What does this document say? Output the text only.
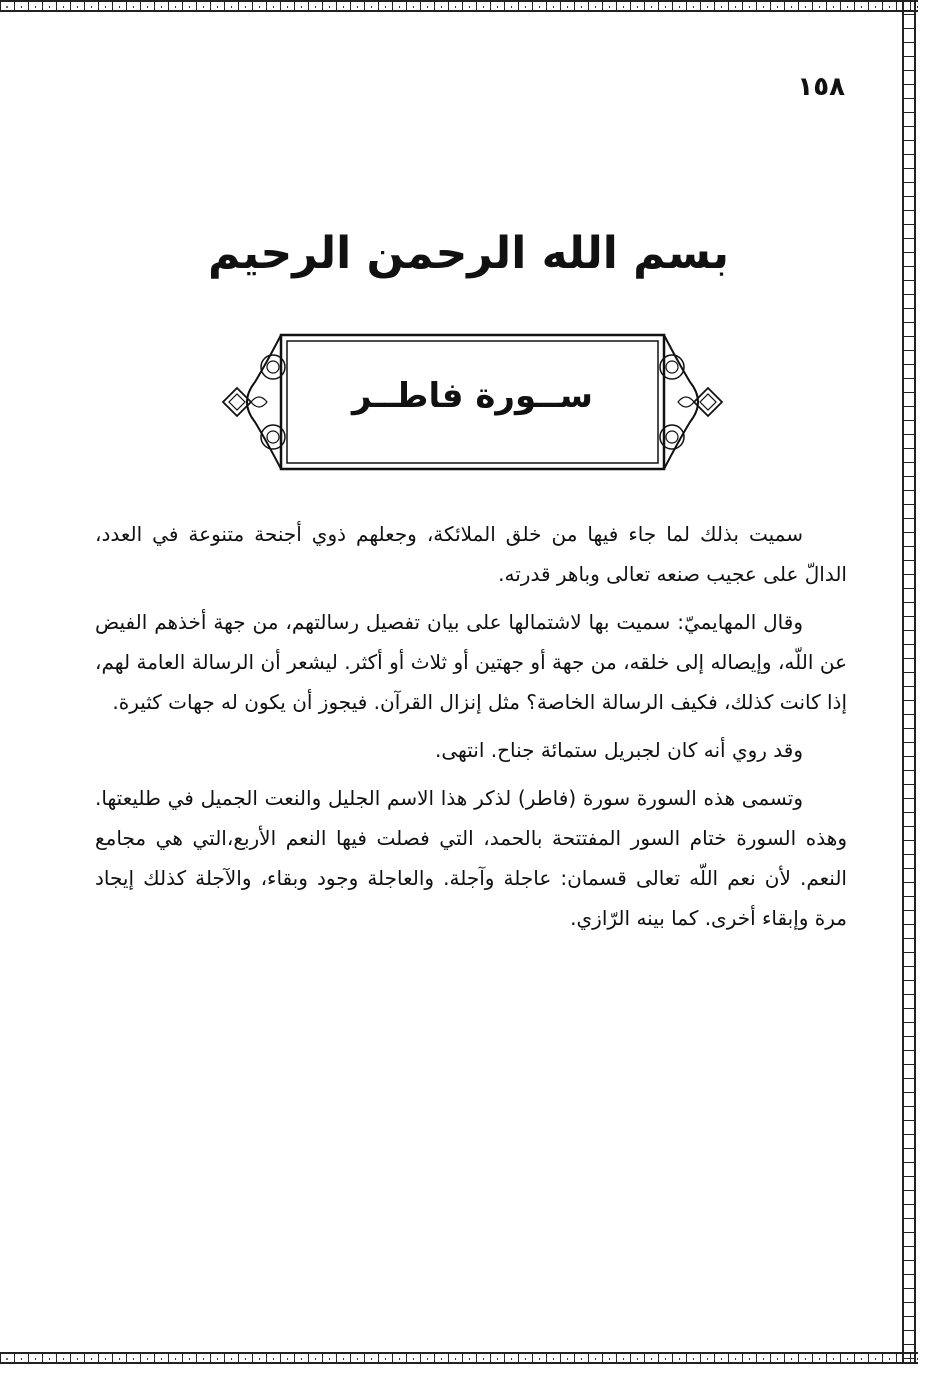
١٥٨
بسم الله الرحمن الرحيم
ســورة فاطــر

سميت بذلك لما جاء فيها من خلق الملائكة، وجعلهم ذوي أجنحة متنوعة في العدد، الدالّ على عجيب صنعه تعالى وباهر قدرته.

وقال المهايميّ: سميت بها لاشتمالها على بيان تفصيل رسالتهم، من جهة أخذهم الفيض عن اللّه، وإيصاله إلى خلقه، من جهة أو جهتين أو ثلاث أو أكثر. ليشعر أن الرسالة العامة لهم، إذا كانت كذلك، فكيف الرسالة الخاصة؟ مثل إنزال القرآن. فيجوز أن يكون له جهات كثيرة.

وقد روي أنه كان لجبريل ستمائة جناح. انتهى.

وتسمى هذه السورة سورة (فاطر) لذكر هذا الاسم الجليل والنعت الجميل في طليعتها. وهذه السورة ختام السور المفتتحة بالحمد، التي فصلت فيها النعم الأربع،التي هي مجامع النعم. لأن نعم اللّه تعالى قسمان: عاجلة وآجلة. والعاجلة وجود وبقاء، والآجلة كذلك إيجاد مرة وإبقاء أخرى. كما بينه الرّازي.
